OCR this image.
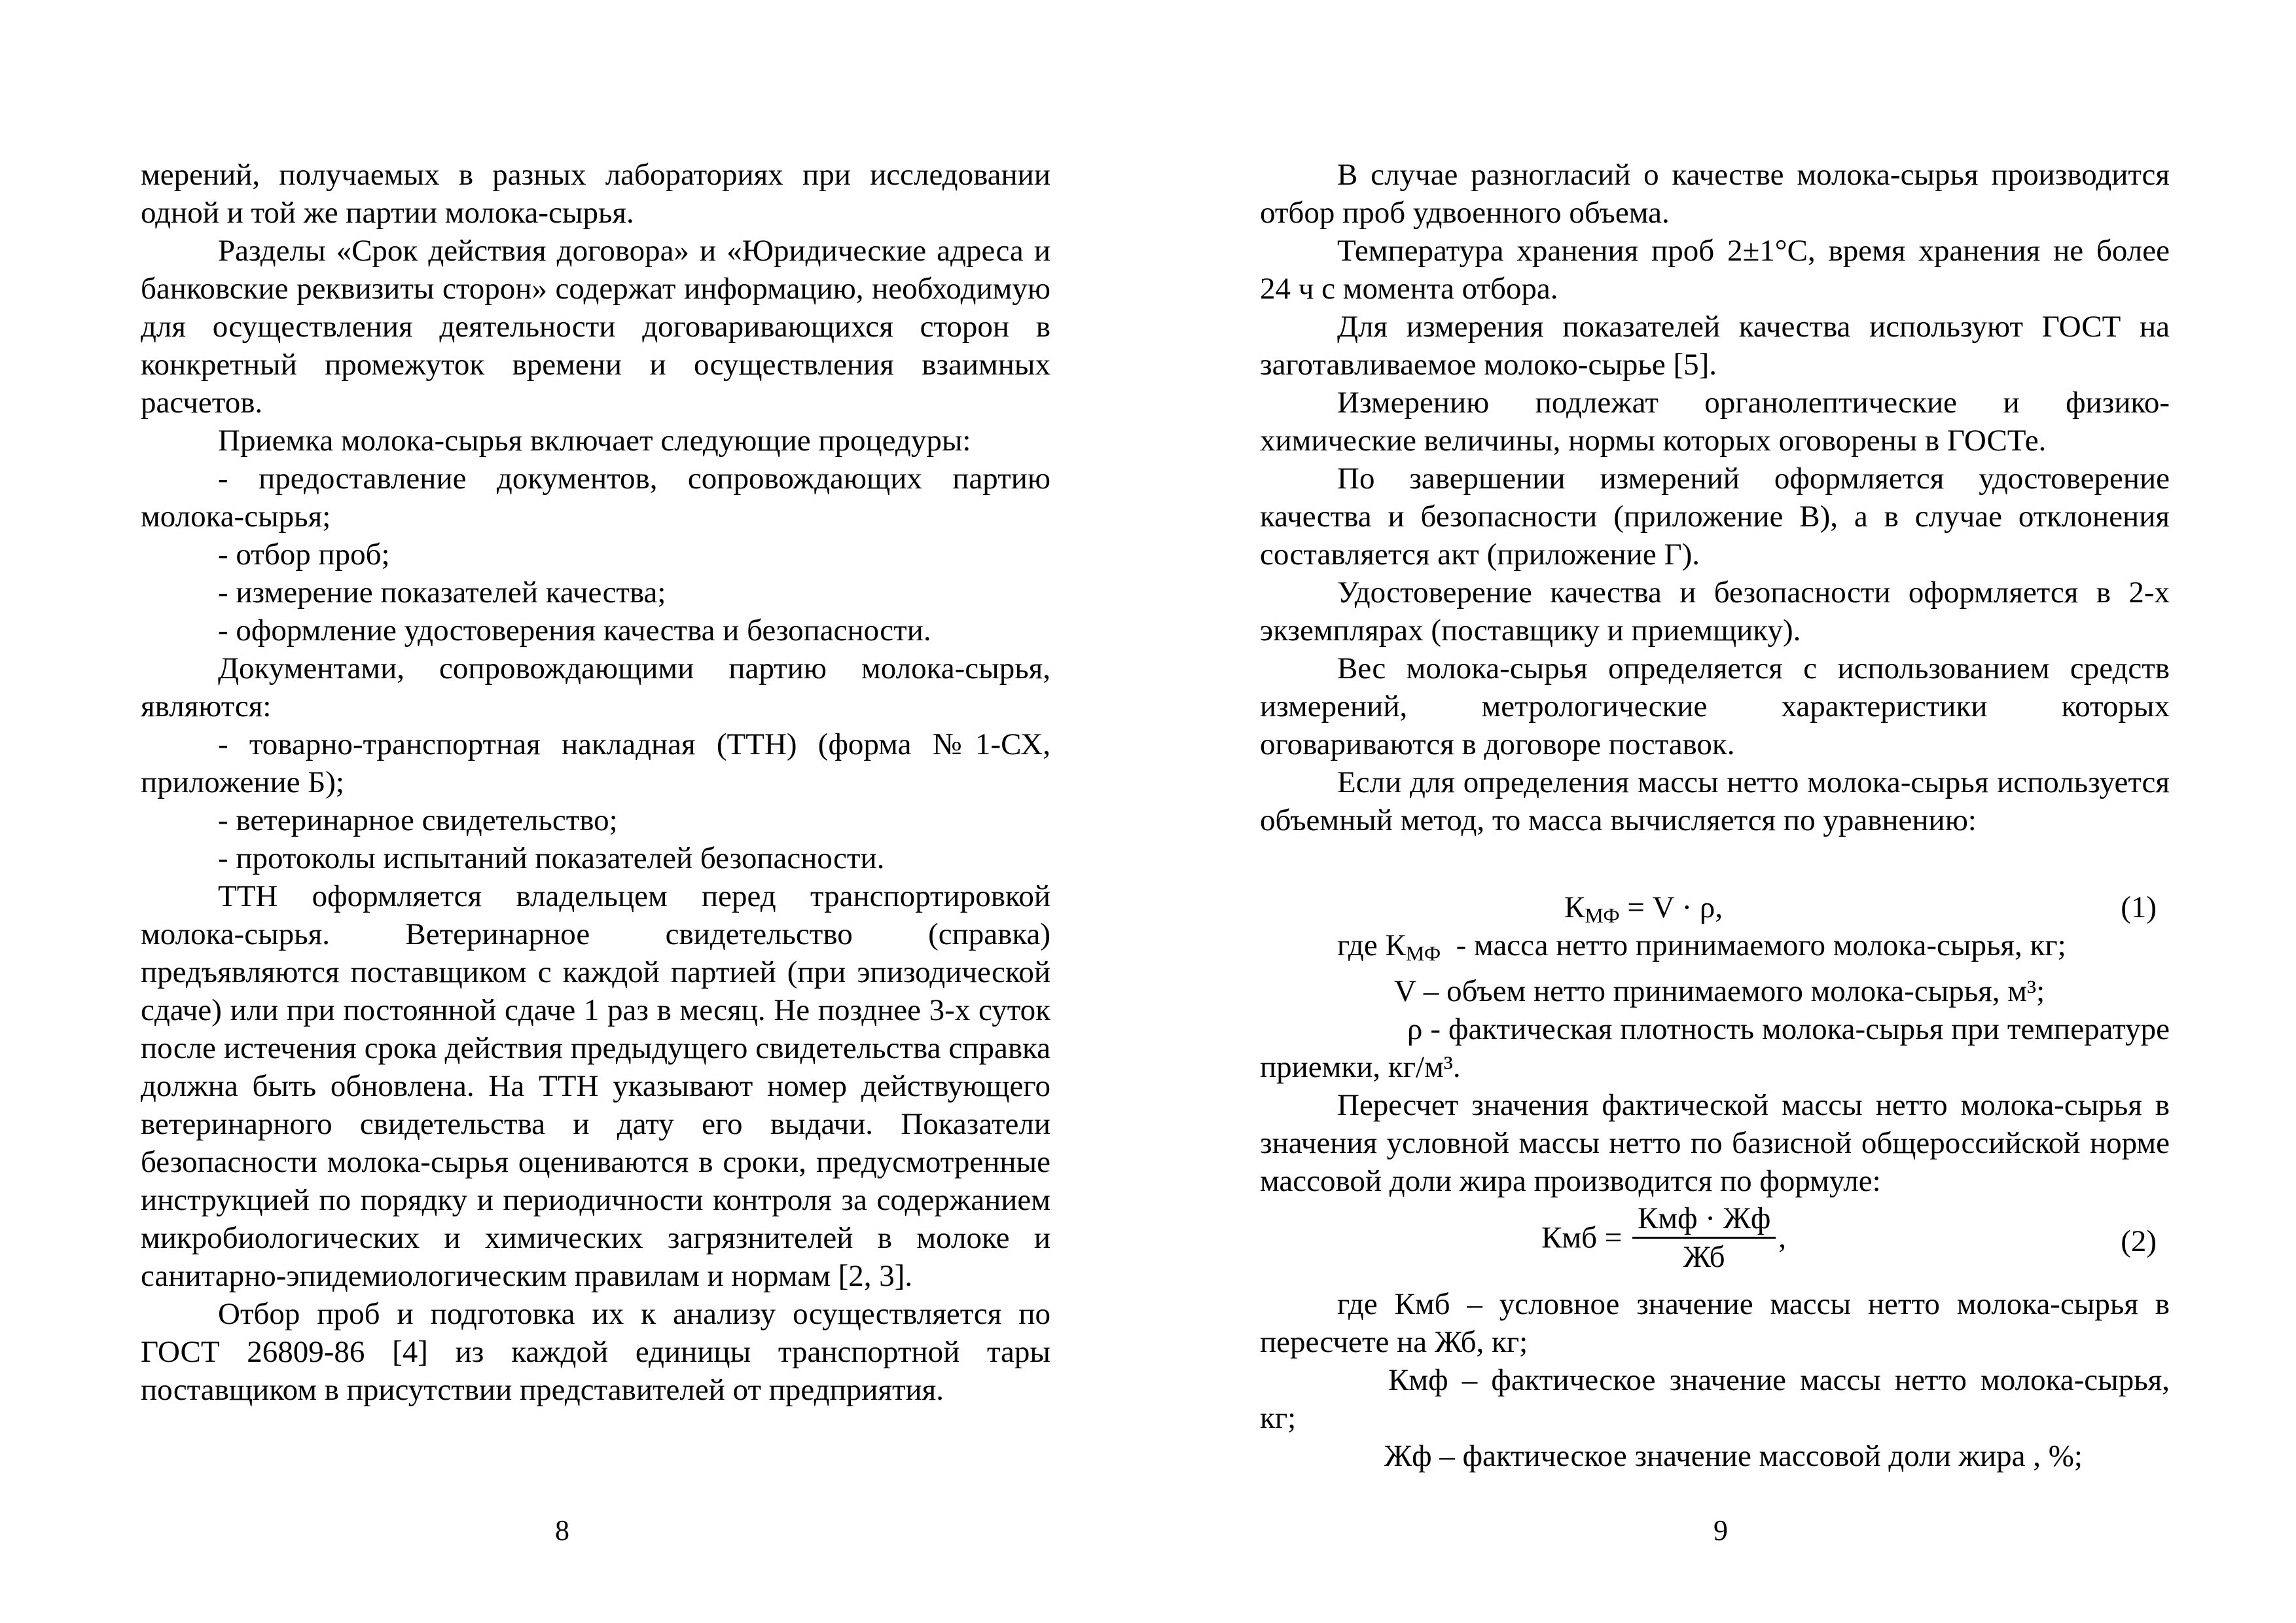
мерений, получаемых в разных лабораториях при исследовании одной и той же партии молока-сырья.

Разделы «Срок действия договора» и «Юридические адреса и банковские реквизиты сторон» содержат информацию, необходимую для осуществления деятельности договаривающихся сторон в конкретный промежуток времени и осуществления взаимных расчетов.

Приемка молока-сырья включает следующие процедуры:

- предоставление документов, сопровождающих партию молока-сырья;

- отбор проб;

- измерение показателей качества;

- оформление удостоверения качества и безопасности.

Документами, сопровождающими партию молока-сырья, являются:

- товарно-транспортная накладная (ТТН) (форма №1-СХ, приложение Б);

- ветеринарное свидетельство;

- протоколы испытаний показателей безопасности.

ТТН оформляется владельцем перед транспортировкой молока-сырья. Ветеринарное свидетельство (справка) предъявляются поставщиком с каждой партией (при эпизодической сдаче) или при постоянной сдаче 1 раз в месяц. Не позднее 3-х суток после истечения срока действия предыдущего свидетельства справка должна быть обновлена. На ТТН указывают номер действующего ветеринарного свидетельства и дату его выдачи. Показатели безопасности молока-сырья оцениваются в сроки, предусмотренные инструкцией по порядку и периодичности контроля за содержанием микробиологических и химических загрязнителей в молоке и санитарно-эпидемиологическим правилам и нормам [2, 3].

Отбор проб и подготовка их к анализу осуществляется по ГОСТ 26809-86 [4] из каждой единицы транспортной тары поставщиком в присутствии представителей от предприятия.

8

В случае разногласий о качестве молока-сырья производится отбор проб удвоенного объема.

Температура хранения проб 2±1°С, время хранения не более 24 ч с момента отбора.

Для измерения показателей качества используют ГОСТ на заготавливаемое молоко-сырье [5].

Измерению подлежат органолептические и физико-химические величины, нормы которых оговорены в ГОСТе.

По завершении измерений оформляется удостоверение качества и безопасности (приложение В), а в случае отклонения составляется акт (приложение Г).

Удостоверение качества и безопасности оформляется в 2-х экземплярах (поставщику и приемщику).

Вес молока-сырья определяется с использованием средств измерений, метрологические характеристики которых оговариваются в договоре поставок.

Если для определения массы нетто молока-сырья используется объемный метод, то масса вычисляется по уравнению:

$К_{МФ} = V \cdot \rho$,	(1)

где $К_{МФ}$  - масса нетто принимаемого молока-сырья, кг;

V – объем нетто принимаемого молока-сырья, м³;

ρ - фактическая плотность молока-сырья при температуре приемки, кг/м³.

Пересчет значения фактической массы нетто молока-сырья в значения условной массы нетто по базисной общероссийской норме массовой доли жира производится по формуле:

Кмб = $\frac{\text{Кмф · Жф}}{Жб}$ ,	(2)

где Кмб – условное значение массы нетто молока-сырья в пересчете на Жб, кг;

Кмф – фактическое значение массы нетто молока-сырья, кг;

Жф – фактическое значение массовой доли жира , %;

9
